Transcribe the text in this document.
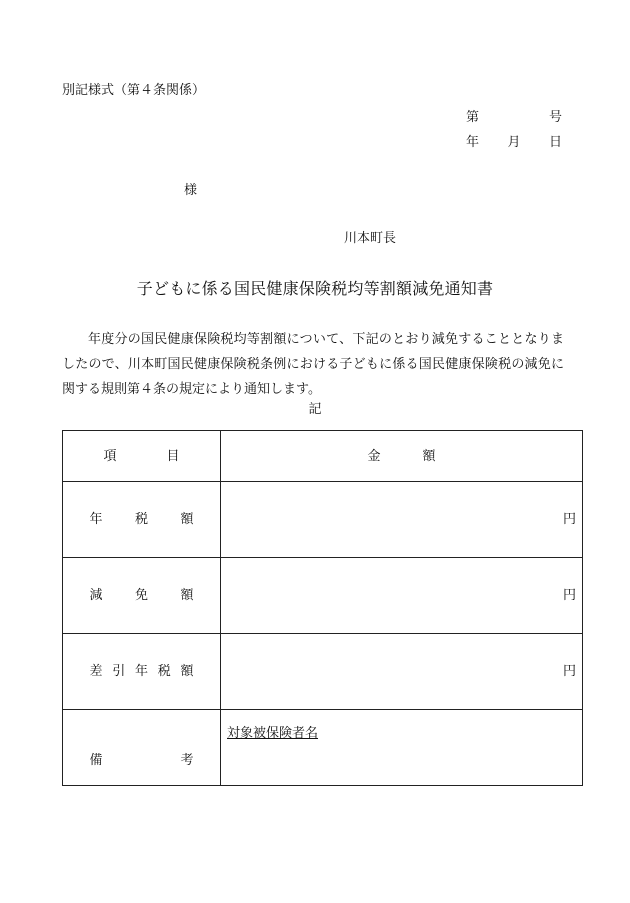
別記様式（第４条関係）
第	号
年 月 日
様
川本町長
子どもに係る国民健康保険税均等割額減免通知書
年度分の国民健康保険税均等割額について、下記のとおり減免することとなりましたので、川本町国民健康保険税条例における子どもに係る国民健康保険税の減免に関する規則第４条の規定により通知します。
記
項 目	金 額

年 税 額	円

減 免 額	円

差 引 年 税 額	円

備 考	対象被保険者名
